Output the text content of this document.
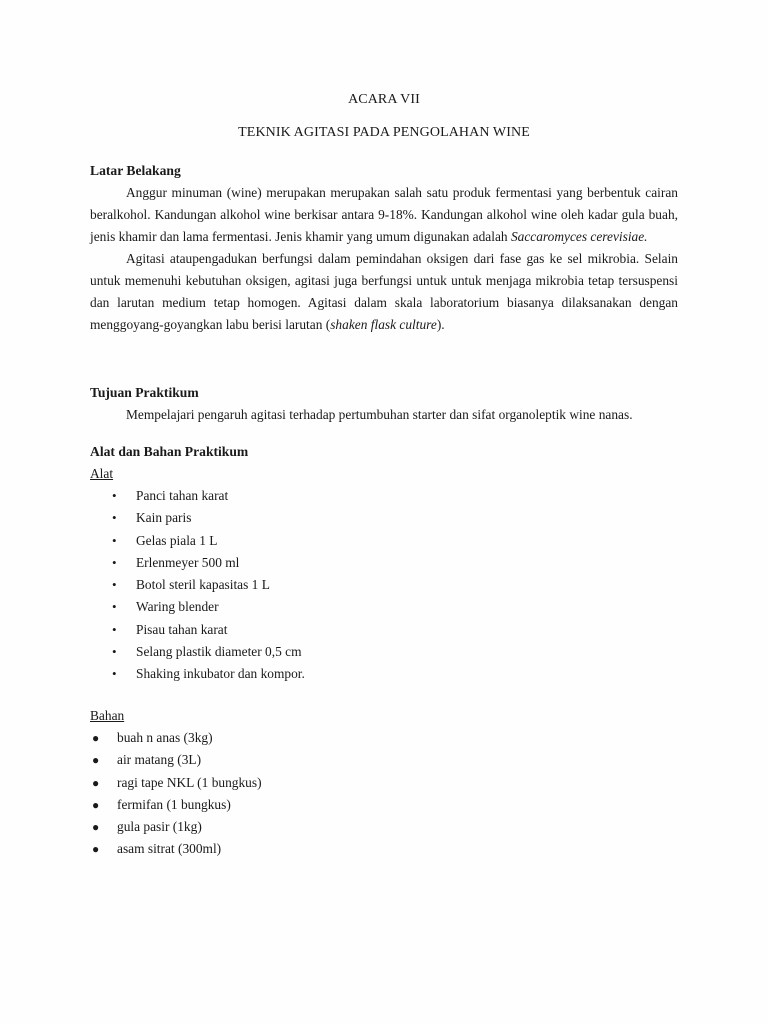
ACARA VII
TEKNIK AGITASI PADA PENGOLAHAN WINE
Latar Belakang

Anggur minuman (wine) merupakan merupakan salah satu produk fermentasi yang berbentuk cairan beralkohol. Kandungan alkohol wine berkisar antara 9-18%. Kandungan alkohol wine oleh kadar gula buah, jenis khamir dan lama fermentasi. Jenis khamir yang umum digunakan adalah Saccaromyces cerevisiae.

Agitasi ataupengadukan berfungsi dalam pemindahan oksigen dari fase gas ke sel mikrobia. Selain untuk memenuhi kebutuhan oksigen, agitasi juga berfungsi untuk untuk menjaga mikrobia tetap tersuspensi dan larutan medium tetap homogen. Agitasi dalam skala laboratorium biasanya dilaksanakan dengan menggoyang-goyangkan labu berisi larutan (shaken flask culture).

Tujuan Praktikum

Mempelajari pengaruh agitasi terhadap pertumbuhan starter dan sifat organoleptik wine nanas.

Alat dan Bahan Praktikum
Alat
• Panci tahan karat
• Kain paris
• Gelas piala 1 L
• Erlenmeyer 500 ml
• Botol steril kapasitas 1 L
• Waring blender
• Pisau tahan karat
• Selang plastik diameter 0,5 cm
• Shaking inkubator dan kompor.
Bahan
● buah n anas (3kg)
● air matang (3L)
● ragi tape NKL (1 bungkus)
● fermifan (1 bungkus)
● gula pasir (1kg)
● asam sitrat (300ml)
